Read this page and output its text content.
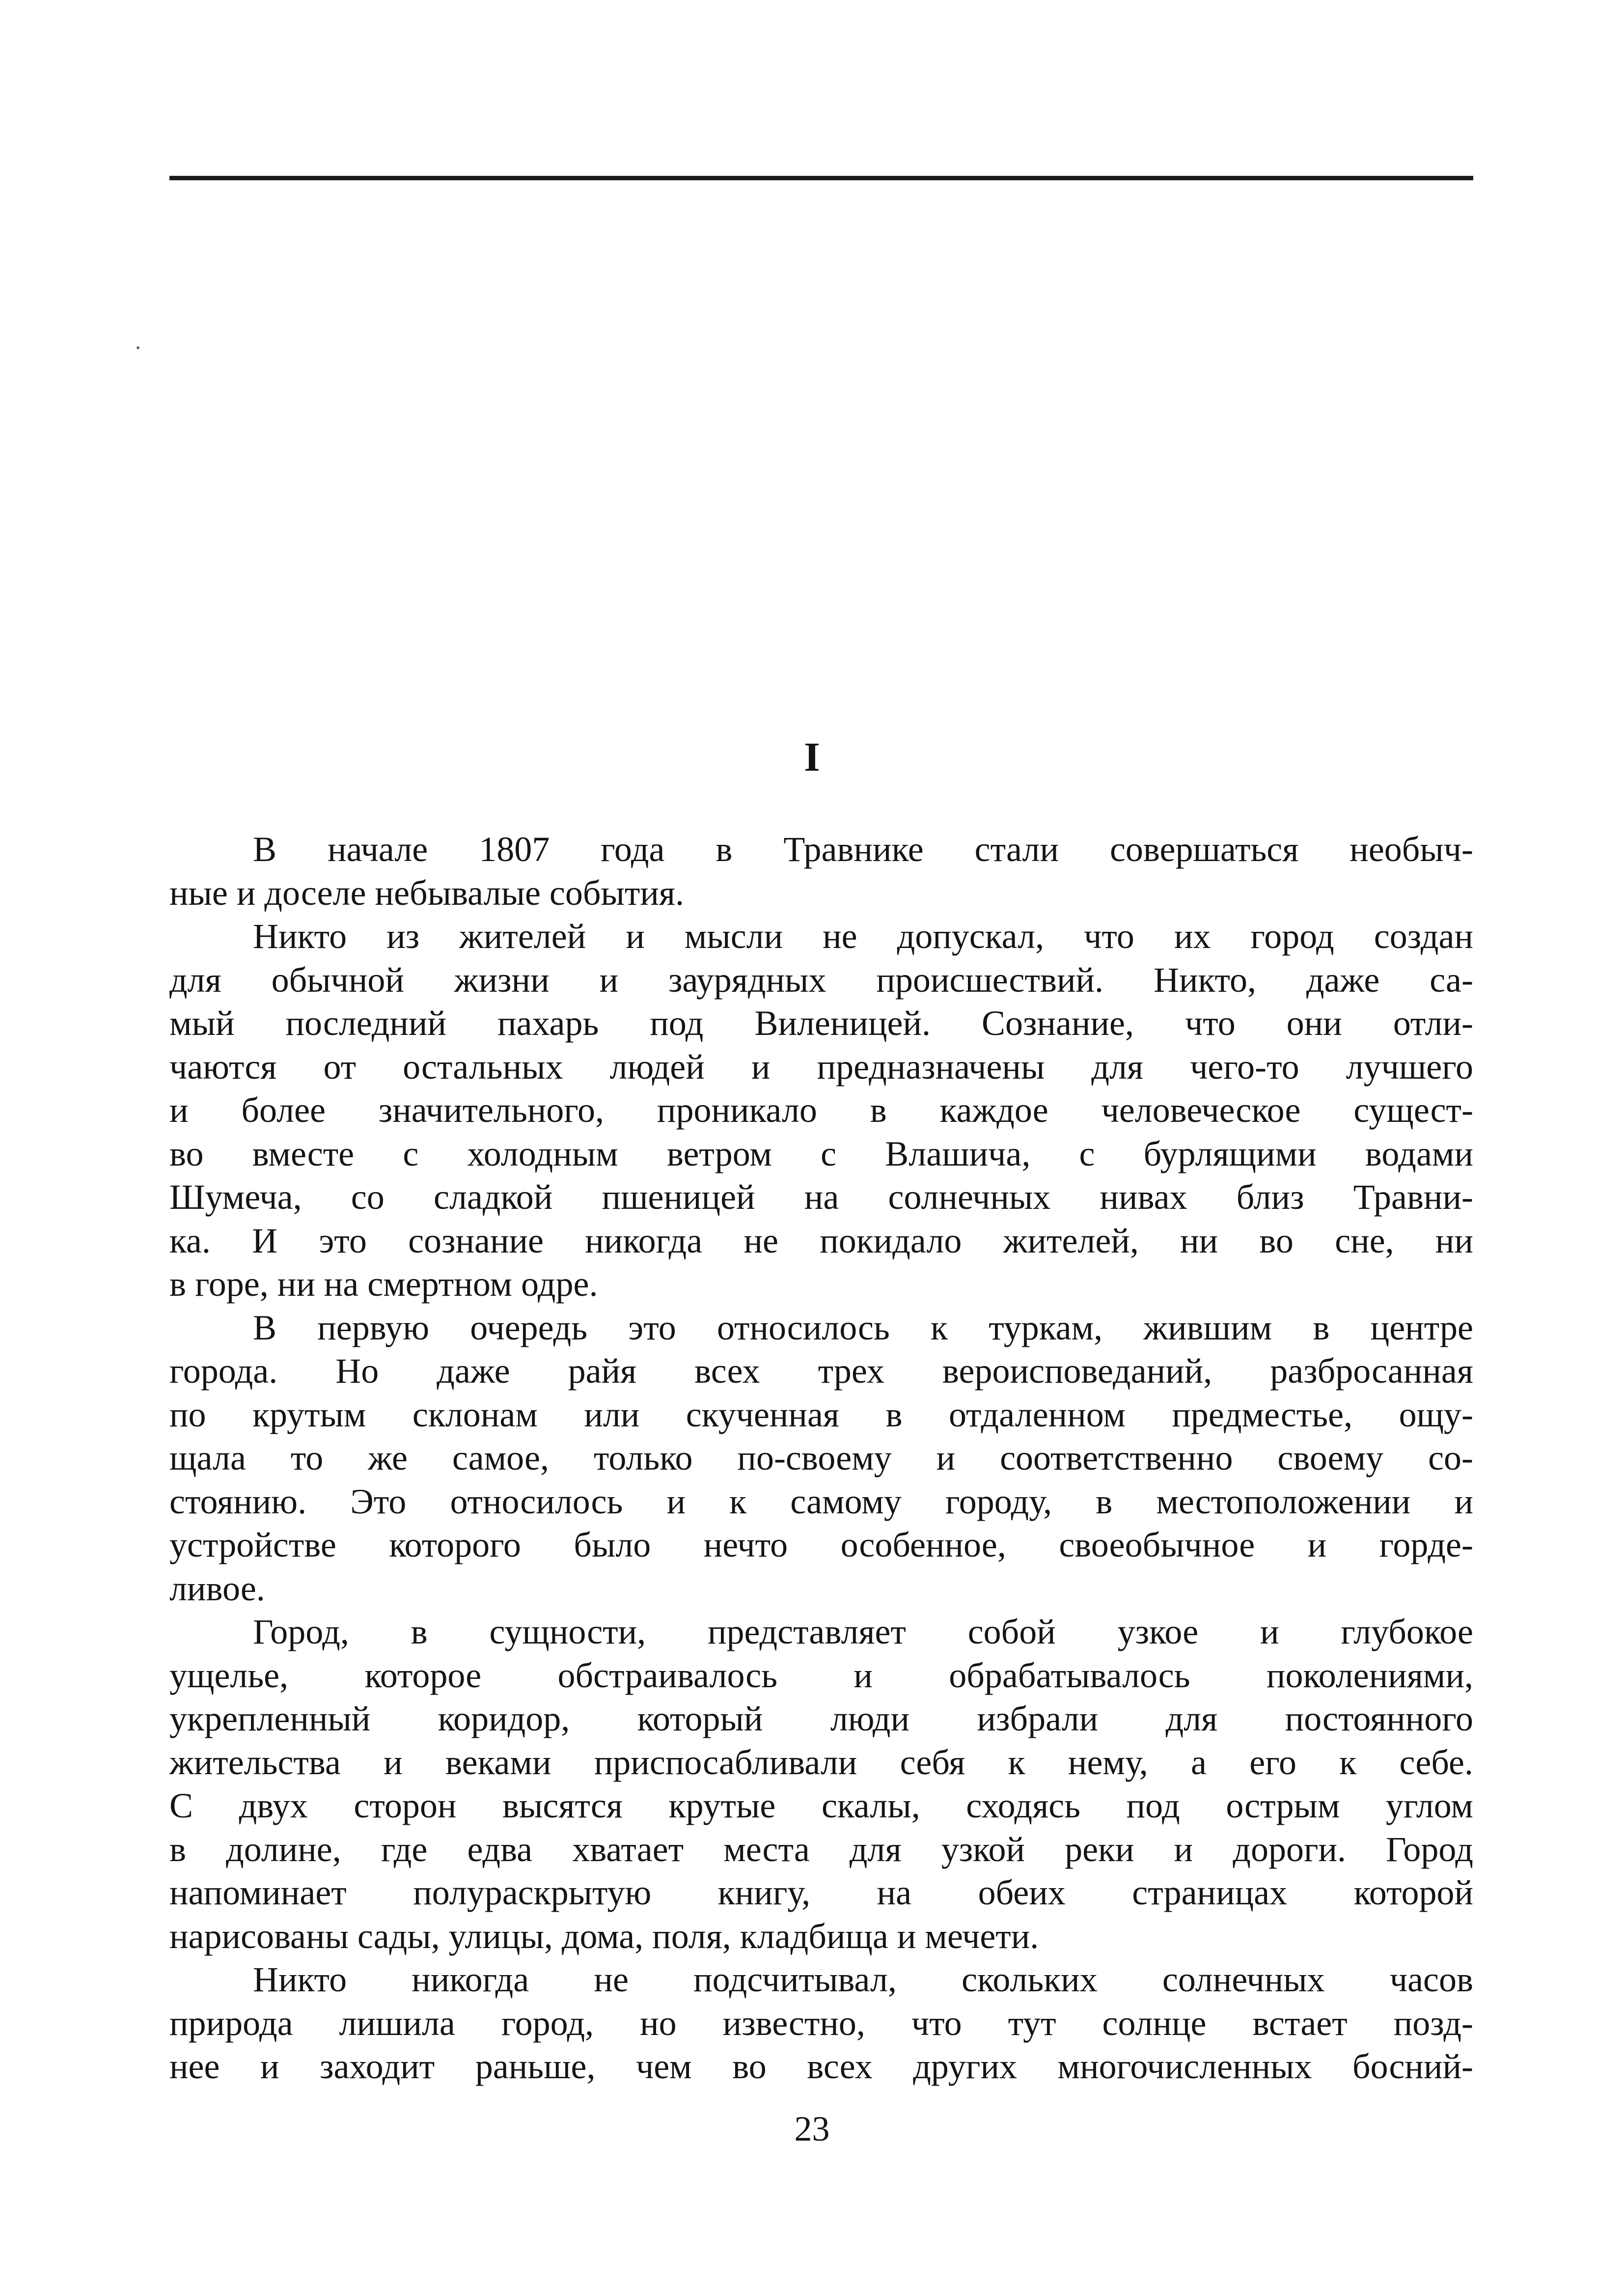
I
В начале 1807 года в Травнике стали совершаться необыч-
ные и доселе небывалые события.
Никто из жителей и мысли не допускал, что их город создан
для обычной жизни и заурядных происшествий. Никто, даже са-
мый последний пахарь под Виленицей. Сознание, что они отли-
чаются от остальных людей и предназначены для чего-то лучшего
и более значительного, проникало в каждое человеческое сущест-
во вместе с холодным ветром с Влашича, с бурлящими водами
Шумеча, со сладкой пшеницей на солнечных нивах близ Травни-
ка. И это сознание никогда не покидало жителей, ни во сне, ни
в горе, ни на смертном одре.
В первую очередь это относилось к туркам, жившим в центре
города. Но даже райя всех трех вероисповеданий, разбросанная
по крутым склонам или скученная в отдаленном предместье, ощу-
щала то же самое, только по-своему и соответственно своему со-
стоянию. Это относилось и к самому городу, в местоположении и
устройстве которого было нечто особенное, своеобычное и горде-
ливое.
Город, в сущности, представляет собой узкое и глубокое
ущелье, которое обстраивалось и обрабатывалось поколениями,
укрепленный коридор, который люди избрали для постоянного
жительства и веками приспосабливали себя к нему, а его к себе.
С двух сторон высятся крутые скалы, сходясь под острым углом
в долине, где едва хватает места для узкой реки и дороги. Город
напоминает полураскрытую книгу, на обеих страницах которой
нарисованы сады, улицы, дома, поля, кладбища и мечети.
Никто никогда не подсчитывал, скольких солнечных часов
природа лишила город, но известно, что тут солнце встает позд-
нее и заходит раньше, чем во всех других многочисленных босний-
23
